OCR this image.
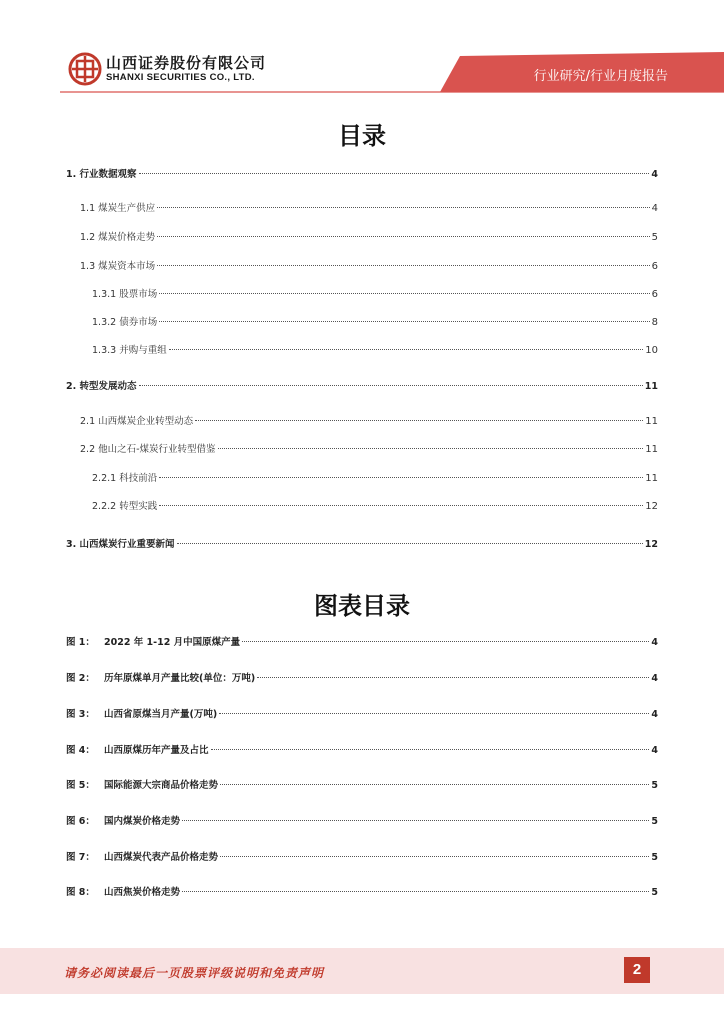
山西证券股份有限公司
SHANXI SECURITIES CO., LTD.	行业研究/行业月度报告
目录
1. 行业数据观察	4
1.1 煤炭生产供应	4
1.2 煤炭价格走势	5
1.3 煤炭资本市场	6
1.3.1 股票市场	6
1.3.2 债券市场	8
1.3.3 并购与重组	10
2. 转型发展动态	11
2.1 山西煤炭企业转型动态	11
2.2 他山之石-煤炭行业转型借鉴	11
2.2.1 科技前沿	11
2.2.2 转型实践	12
3. 山西煤炭行业重要新闻	12
图表目录
图 1： 2022 年 1-12 月中国原煤产量	4
图 2： 历年原煤单月产量比较(单位：万吨)	4
图 3： 山西省原煤当月产量(万吨)	4
图 4： 山西原煤历年产量及占比	4
图 5： 国际能源大宗商品价格走势	5
图 6： 国内煤炭价格走势	5
图 7： 山西煤炭代表产品价格走势	5
图 8： 山西焦炭价格走势	5
请务必阅读最后一页股票评级说明和免责声明	2
